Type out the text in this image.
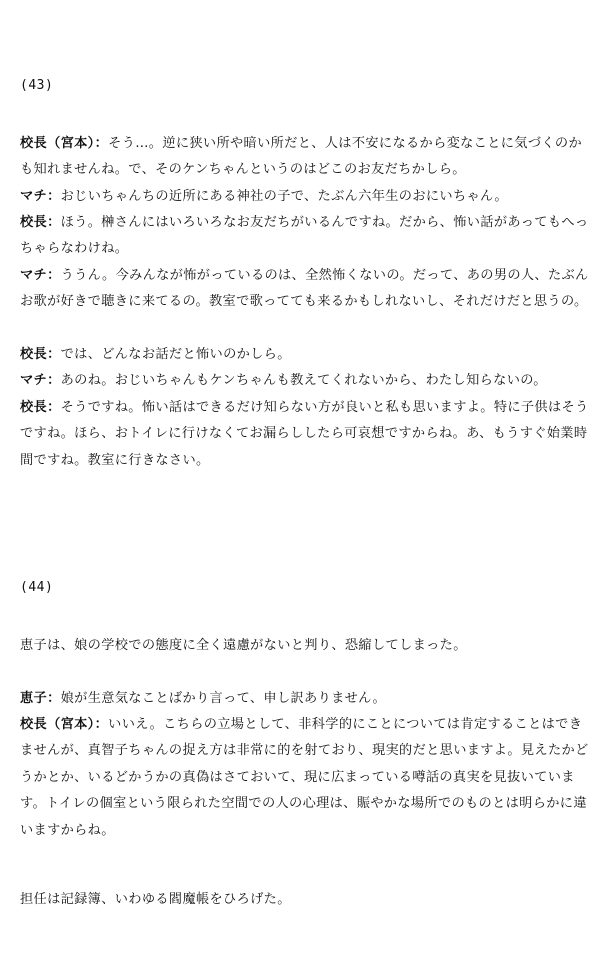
(43)
校長（宮本）：そう…。逆に狭い所や暗い所だと、人は不安になるから変なことに気づくのかも知れませんね。で、そのケンちゃんというのはどこのお友だちかしら。
マチ：おじいちゃんちの近所にある神社の子で、たぶん六年生のおにいちゃん。
校長：ほう。榊さんにはいろいろなお友だちがいるんですね。だから、怖い話があってもへっちゃらなわけね。
マチ：ううん。今みんなが怖がっているのは、全然怖くないの。だって、あの男の人、たぶんお歌が好きで聴きに来てるの。教室で歌ってても来るかもしれないし、それだけだと思うの。
校長：では、どんなお話だと怖いのかしら。
マチ：あのね。おじいちゃんもケンちゃんも教えてくれないから、わたし知らないの。
校長：そうですね。怖い話はできるだけ知らない方が良いと私も思いますよ。特に子供はそうですね。ほら、おトイレに行けなくてお漏らししたら可哀想ですからね。あ、もうすぐ始業時間ですね。教室に行きなさい。
(44)
恵子は、娘の学校での態度に全く遠慮がないと判り、恐縮してしまった。
恵子：娘が生意気なことばかり言って、申し訳ありません。
校長（宮本）：いいえ。こちらの立場として、非科学的にことについては肯定することはできませんが、真智子ちゃんの捉え方は非常に的を射ており、現実的だと思いますよ。見えたかどうかとか、いるどかうかの真偽はさておいて、現に広まっている噂話の真実を見抜いています。トイレの個室という限られた空間での人の心理は、賑やかな場所でのものとは明らかに違いますからね。
担任は記録簿、いわゆる閻魔帳をひろげた。
